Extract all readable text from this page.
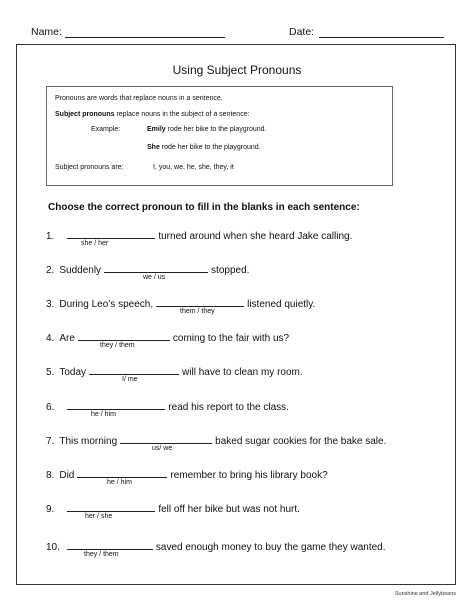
Name:	Date:
Using Subject Pronouns
Pronouns are words that replace nouns in a sentence.
Subject pronouns replace nouns in the subject of a sentence:
Example:	Emily rode her bike to the playground.
She rode her bike to the playground.
Subject pronouns are:	I, you, we, he, she, they, it
Choose the correct pronoun to fill in the blanks in each sentence:
1.	turned around when she heard Jake calling.
she / her
2. Suddenly	stopped.
we / us
3. During Leo’s speech,	listened quietly.
them / they
4. Are	coming to the fair with us?
they / them
5. Today	will have to clean my room.
I/ me
6.	read his report to the class.
he / him
7. This morning	baked sugar cookies for the bake sale.
us/ we
8. Did	remember to bring his library book?
he / him
9.	fell off her bike but was not hurt.
her / she
10.	saved enough money to buy the game they wanted.
they / them
Sunshine and Jellybeans
